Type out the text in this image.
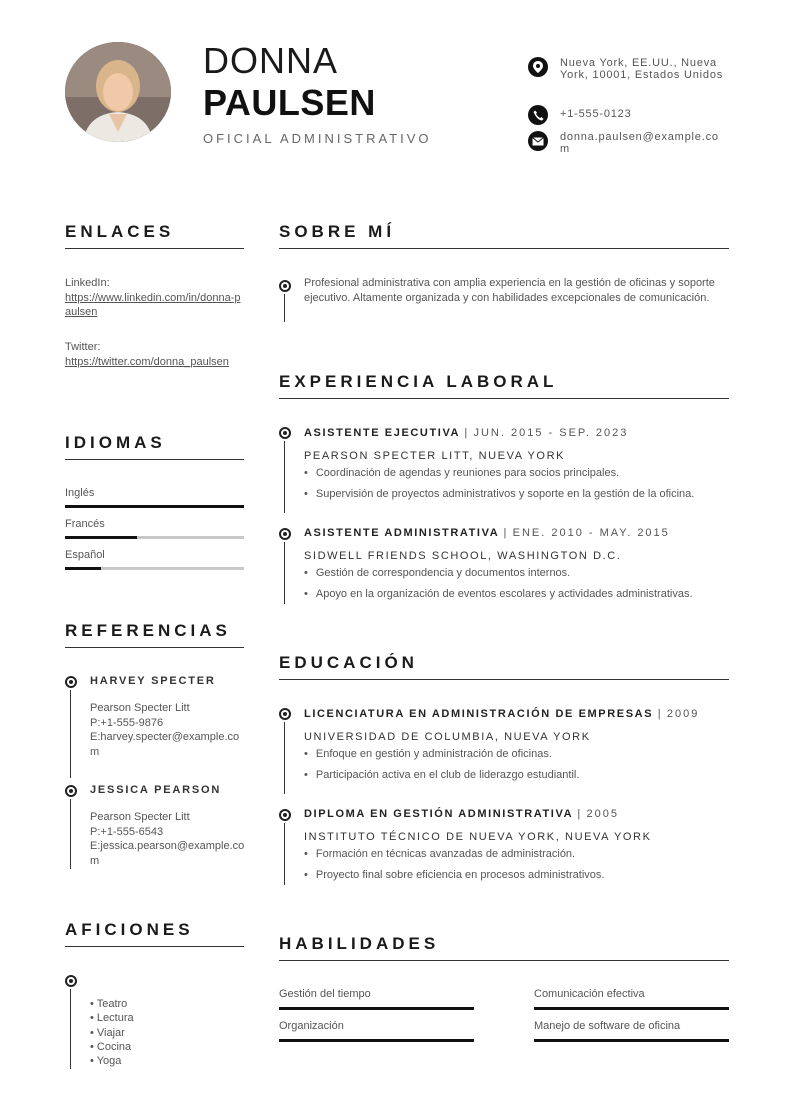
DONNA
PAULSEN
OFICIAL ADMINISTRATIVO
Nueva York, EE.UU., Nueva York, 10001, Estados Unidos
+1-555-0123
donna.paulsen@example.com
ENLACES
LinkedIn:
https://www.linkedin.com/in/donna-paulsen
Twitter:
https://twitter.com/donna_paulsen
IDIOMAS
Inglés
Francés
Español
REFERENCIAS
HARVEY SPECTER
Pearson Specter Litt
P:+1-555-9876
E:harvey.specter@example.com
JESSICA PEARSON
Pearson Specter Litt
P:+1-555-6543
E:jessica.pearson@example.com
AFICIONES
• Teatro
• Lectura
• Viajar
• Cocina
• Yoga
SOBRE MÍ
Profesional administrativa con amplia experiencia en la gestión de oficinas y soporte ejecutivo. Altamente organizada y con habilidades excepcionales de comunicación.
EXPERIENCIA LABORAL
ASISTENTE EJECUTIVA | JUN. 2015 - SEP. 2023
PEARSON SPECTER LITT, NUEVA YORK
• Coordinación de agendas y reuniones para socios principales.
• Supervisión de proyectos administrativos y soporte en la gestión de la oficina.
ASISTENTE ADMINISTRATIVA | ENE. 2010 - MAY. 2015
SIDWELL FRIENDS SCHOOL, WASHINGTON D.C.
• Gestión de correspondencia y documentos internos.
• Apoyo en la organización de eventos escolares y actividades administrativas.
EDUCACIÓN
LICENCIATURA EN ADMINISTRACIÓN DE EMPRESAS | 2009
UNIVERSIDAD DE COLUMBIA, NUEVA YORK
• Enfoque en gestión y administración de oficinas.
• Participación activa en el club de liderazgo estudiantil.
DIPLOMA EN GESTIÓN ADMINISTRATIVA | 2005
INSTITUTO TÉCNICO DE NUEVA YORK, NUEVA YORK
• Formación en técnicas avanzadas de administración.
• Proyecto final sobre eficiencia en procesos administrativos.
HABILIDADES
Gestión del tiempo	Comunicación efectiva
Organización	Manejo de software de oficina
